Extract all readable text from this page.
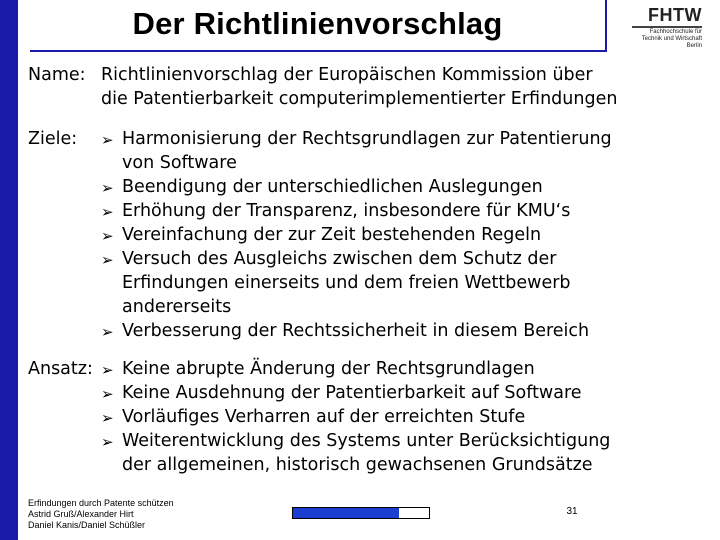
Der Richtlinienvorschlag	FHTW
Fachhochschule für
Technik und Wirtschaft
Berlin
Name: Richtlinienvorschlag der Europäischen Kommission über
die Patentierbarkeit computerimplementierter Erfindungen
Ziele: ➢ Harmonisierung der Rechtsgrundlagen zur Patentierung
von Software
➢ Beendigung der unterschiedlichen Auslegungen
➢ Erhöhung der Transparenz, insbesondere für KMU‘s
➢ Vereinfachung der zur Zeit bestehenden Regeln
➢ Versuch des Ausgleichs zwischen dem Schutz der
Erfindungen einerseits und dem freien Wettbewerb
andererseits
➢ Verbesserung der Rechtssicherheit in diesem Bereich
Ansatz: ➢ Keine abrupte Änderung der Rechtsgrundlagen
➢ Keine Ausdehnung der Patentierbarkeit auf Software
➢ Vorläufiges Verharren auf der erreichten Stufe
➢ Weiterentwicklung des Systems unter Berücksichtigung
der allgemeinen, historisch gewachsenen Grundsätze
Erfindungen durch Patente schützen
Astrid Gruß/Alexander Hirt
Daniel Kanis/Daniel Schüßler
31
